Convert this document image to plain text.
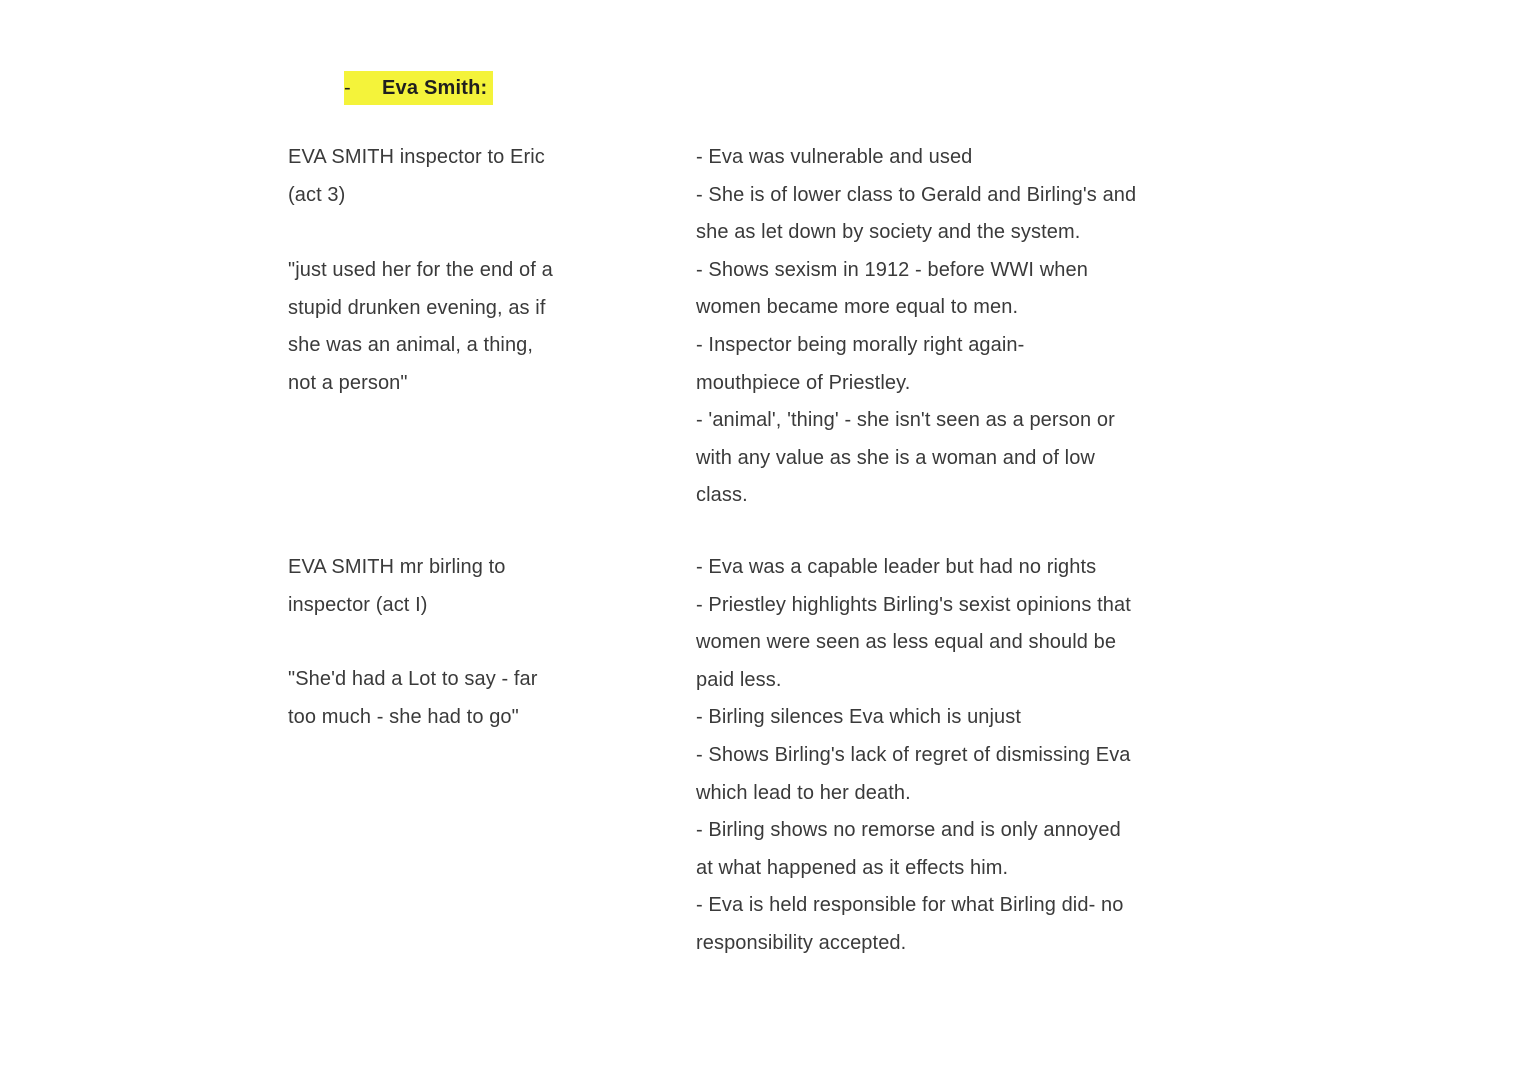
-	Eva Smith:

EVA SMITH inspector to Eric
(act 3)

"just used her for the end of a
stupid drunken evening, as if
she was an animal, a thing,
not a person"

- Eva was vulnerable and used
- She is of lower class to Gerald and Birling's and
she as let down by society and the system.
- Shows sexism in 1912 - before WWI when
women became more equal to men.
- Inspector being morally right again-
mouthpiece of Priestley.
- 'animal', 'thing' - she isn't seen as a person or
with any value as she is a woman and of low
class.

EVA SMITH mr birling to
inspector (act I)

"She'd had a Lot to say - far
too much - she had to go"

- Eva was a capable leader but had no rights
- Priestley highlights Birling's sexist opinions that
women were seen as less equal and should be
paid less.
- Birling silences Eva which is unjust
- Shows Birling's lack of regret of dismissing Eva
which lead to her death.
- Birling shows no remorse and is only annoyed
at what happened as it effects him.
- Eva is held responsible for what Birling did- no
responsibility accepted.
